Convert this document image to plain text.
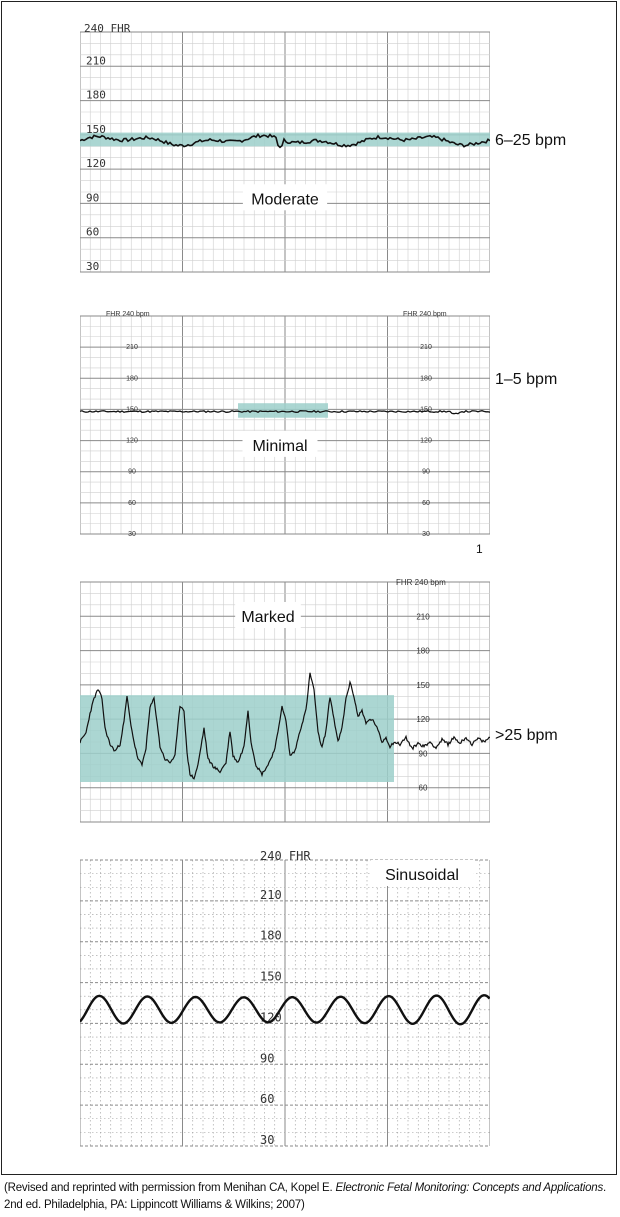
240 FHR
30
60
90
120
150
180
210
Moderate
6–25 bpm
FHR 240 bpm	FHR 240 bpm
30	30
60	60
90	90
120	120
150	150
180	180
210	210
Minimal
1–5 bpm
1
FHR 240 bpm
60
90
120
150
180
210
Marked
>25 bpm
240 FHR
30
60
90
120
150
180
210
Sinusoidal
(Revised and reprinted with permission from Menihan CA, Kopel E. Electronic Fetal Monitoring: Concepts and Applications.
2nd ed. Philadelphia, PA: Lippincott Williams & Wilkins; 2007)
